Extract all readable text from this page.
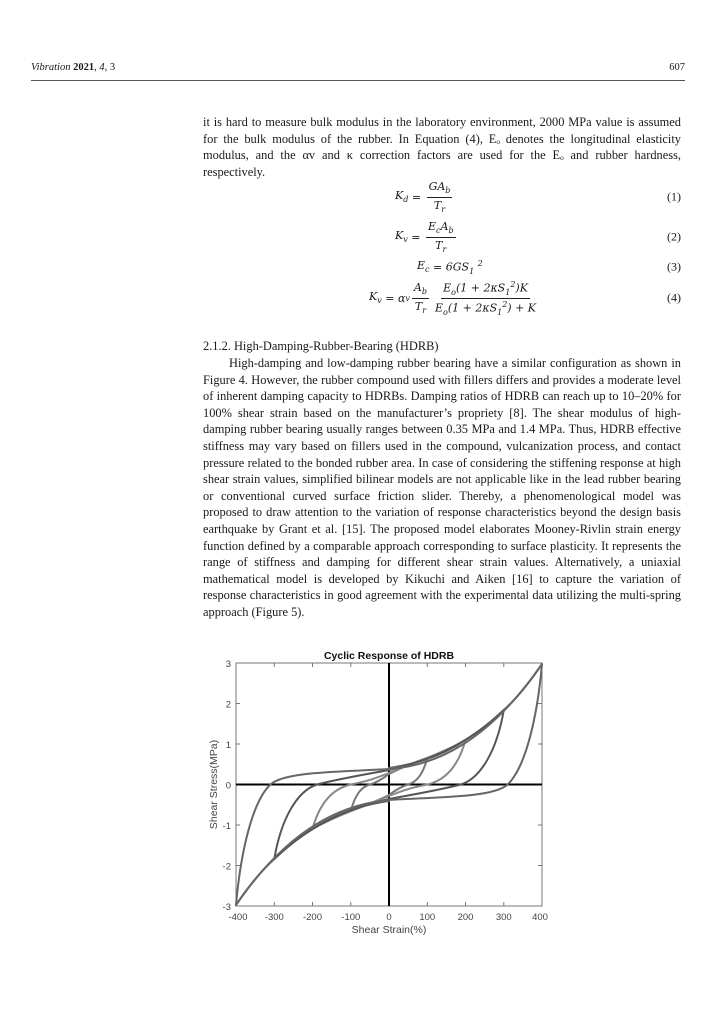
Vibration 2021, 4, 3	607
it is hard to measure bulk modulus in the laboratory environment, 2000 MPa value is assumed for the bulk modulus of the rubber. In Equation (4), Eₒ denotes the longitudinal elasticity modulus, and the αv and κ correction factors are used for the Eₒ and rubber hardness, respectively.
$K_d = \frac{GA_b}{T_r}$	(1)
$K_v = \frac{E_cA_b}{T_r}$	(2)
$E_c = 6GS_1$ $^2$	(3)
$K_v = \alpha$ v $\frac{A_b}{T_r} \frac{E_o(1 + 2\kappa S_1^2)K}{E_o(1 + 2\kappa S_1^2) + K}$	(4)
2.1.2. High-Damping-Rubber-Bearing (HDRB)
High-damping and low-damping rubber bearing have a similar configuration as shown in Figure 4. However, the rubber compound used with fillers differs and provides a moderate level of inherent damping capacity to HDRBs. Damping ratios of HDRB can reach up to 10–20% for 100% shear strain based on the manufacturer’s propriety [8]. The shear modulus of high-damping rubber bearing usually ranges between 0.35 MPa and 1.4 MPa. Thus, HDRB effective stiffness may vary based on fillers used in the compound, vulcanization process, and contact pressure related to the bonded rubber area. In case of considering the stiffening response at high shear strain values, simplified bilinear models are not applicable like in the lead rubber bearing or conventional curved surface friction slider. Thereby, a phenomenological model was proposed to draw attention to the variation of response characteristics beyond the design basis earthquake by Grant et al. [15]. The proposed model elaborates Mooney-Rivlin strain energy function defined by a comparable approach corresponding to surface plasticity. It represents the range of stiffness and damping for different shear strain values. Alternatively, a uniaxial mathematical model is developed by Kikuchi and Aiken [16] to capture the variation of response characteristics in good agreement with the experimental data utilizing the multi-spring approach (Figure 5).
Cyclic Response of HDRB
3
2
1
0
-1
-2
-3
-400 -300 -200 -100	0	100 200 300 400
Shear Strain(%)
Shear Stress(MPa)
